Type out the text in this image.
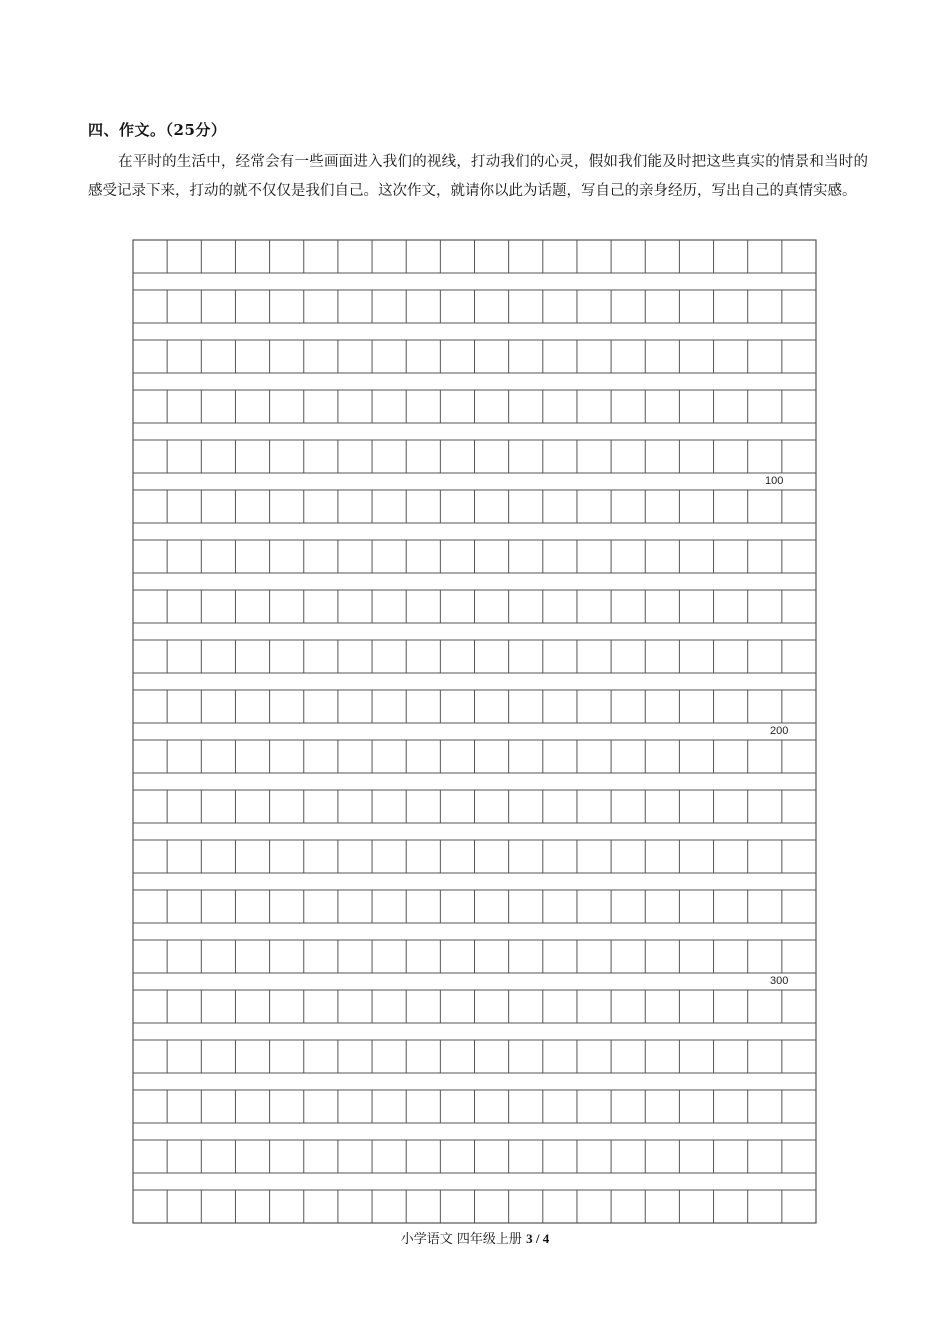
四、作文。（25分）
在平时的生活中，经常会有一些画面进入我们的视线，打动我们的心灵，假如我们能及时把这些真实的情景和当时的感受记录下来，打动的就不仅仅是我们自己。这次作文，就请你以此为话题，写自己的亲身经历，写出自己的真情实感。
100
200
300
小学语文 四年级上册 3 / 4
